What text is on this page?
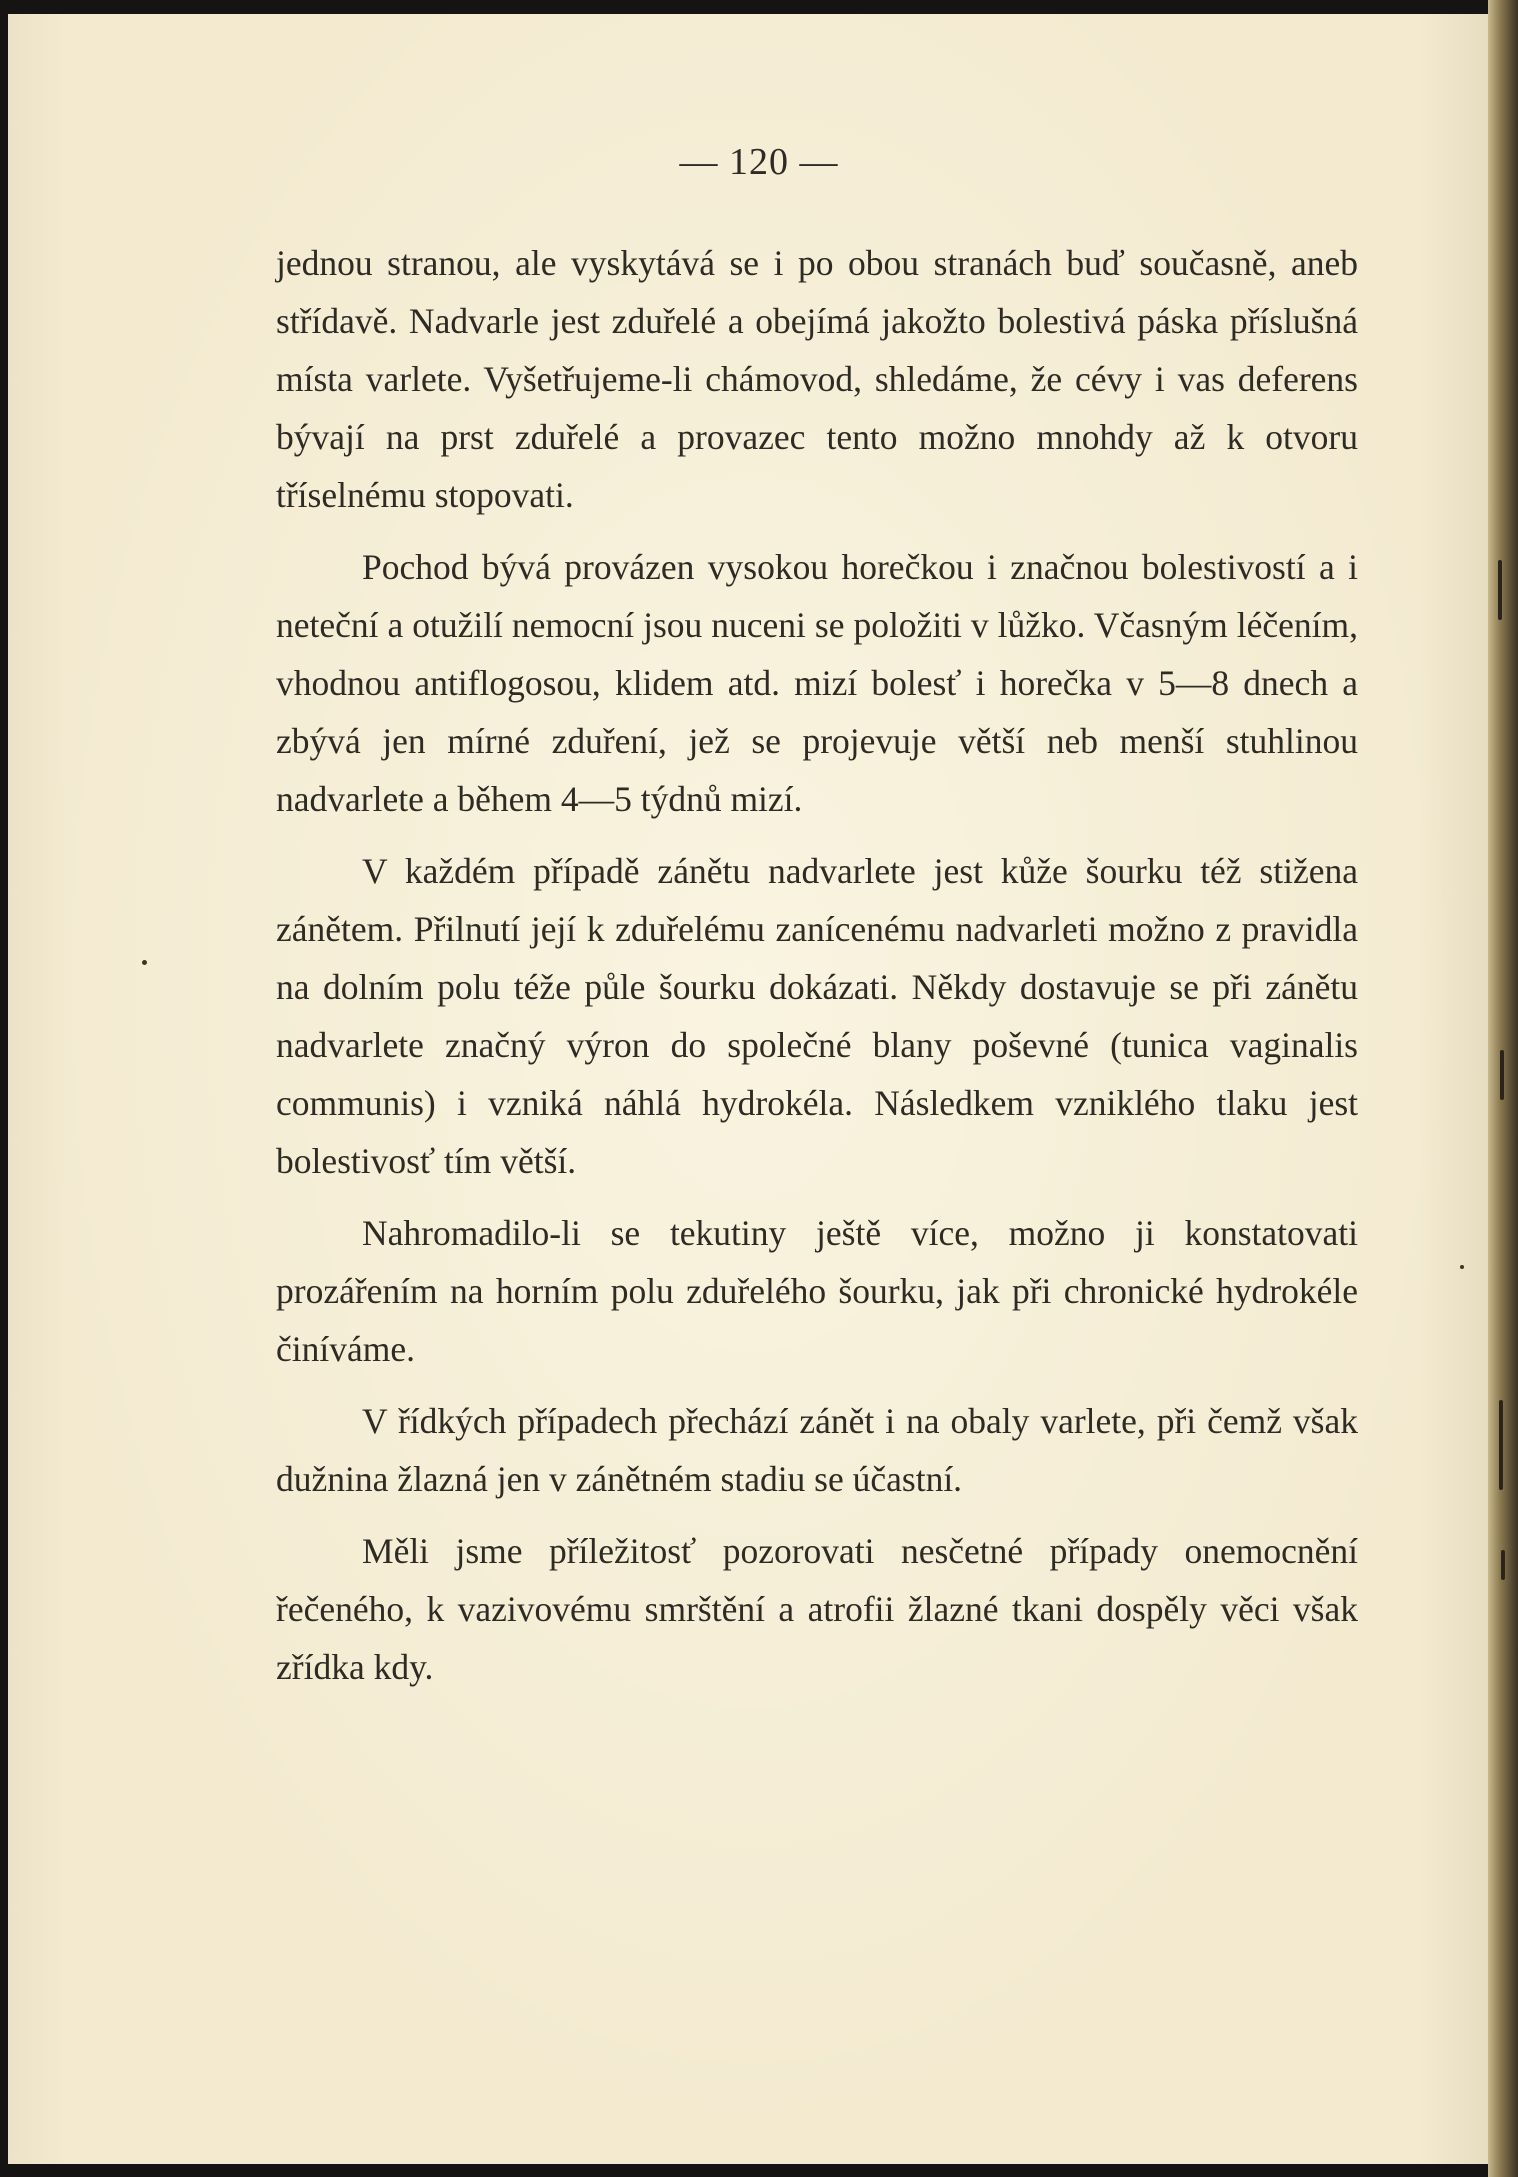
— 120 —

jednou stranou, ale vyskytává se i po obou stranách buď současně, aneb střídavě. Nadvarle jest zduřelé a obejímá jakožto bolestivá páska příslušná místa varlete. Vyšetřujeme-li chámovod, shledáme, že cévy i vas deferens bývají na prst zduřelé a provazec tento možno mnohdy až k otvoru tříselnému stopovati.

Pochod bývá provázen vysokou horečkou i značnou bolestivostí a i neteční a otužilí nemocní jsou nuceni se položiti v lůžko. Včasným léčením, vhodnou antiflogosou, klidem atd. mizí bolesť i horečka v 5—8 dnech a zbývá jen mírné zduření, jež se projevuje větší neb menší stuhlinou nadvarlete a během 4—5 týdnů mizí.

V každém případě zánětu nadvarlete jest kůže šourku též stižena zánětem. Přilnutí její k zduřelému zanícenému nadvarleti možno z pravidla na dolním polu téže půle šourku dokázati. Někdy dostavuje se při zánětu nadvarlete značný výron do společné blany poševné (tunica vaginalis communis) i vzniká náhlá hydrokéla. Následkem vzniklého tlaku jest bolestivosť tím větší.

Nahromadilo-li se tekutiny ještě více, možno ji konstatovati prozářením na horním polu zduřelého šourku, jak při chronické hydrokéle činíváme.

V řídkých případech přechází zánět i na obaly varlete, při čemž však dužnina žlazná jen v zánětném stadiu se účastní.

Měli jsme příležitosť pozorovati nesčetné případy onemocnění řečeného, k vazivovému smrštění a atrofii žlazné tkani dospěly věci však zřídka kdy.
